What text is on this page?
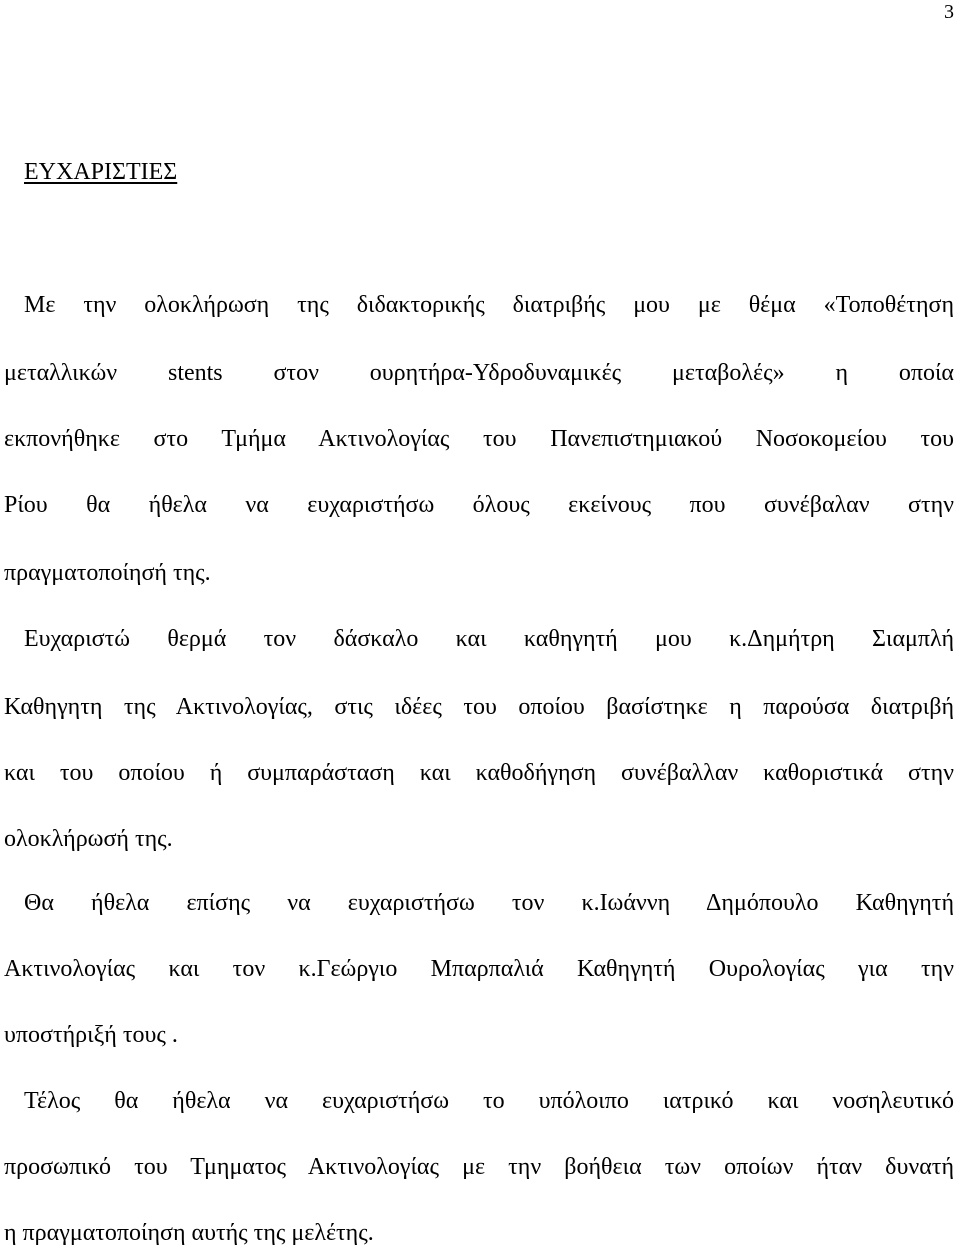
3
ΕΥΧΑΡΙΣΤΙΕΣ
Με την ολοκλήρωση της διδακτορικής διατριβής μου με θέμα «Τοποθέτηση
μεταλλικών stents στον ουρητήρα-Υδροδυναμικές μεταβολές» η οποία
εκπονήθηκε στο Τμήμα Ακτινολογίας του Πανεπιστημιακού Νοσοκομείου του
Ρίου θα ήθελα να ευχαριστήσω όλους εκείνους που συνέβαλαν στην
πραγματοποίησή της.
Ευχαριστώ θερμά τον δάσκαλο και καθηγητή μου κ.Δημήτρη Σιαμπλή
Καθηγητη της Ακτινολογίας, στις ιδέες του οποίου βασίστηκε η παρούσα διατριβή
και του οποίου ή συμπαράσταση και καθοδήγηση συνέβαλλαν καθοριστικά στην
ολοκλήρωσή της.
Θα ήθελα επίσης να ευχαριστήσω τον κ.Ιωάννη Δημόπουλο Καθηγητή
Ακτινολογίας και τον κ.Γεώργιο Μπαρπαλιά Καθηγητή Ουρολογίας για την
υποστήριξή τους .
Τέλος θα ήθελα να ευχαριστήσω το υπόλοιπο ιατρικό και νοσηλευτικό
προσωπικό του Τμηματος Ακτινολογίας με την βοήθεια των οποίων ήταν δυνατή
η πραγματοποίηση αυτής της μελέτης.
